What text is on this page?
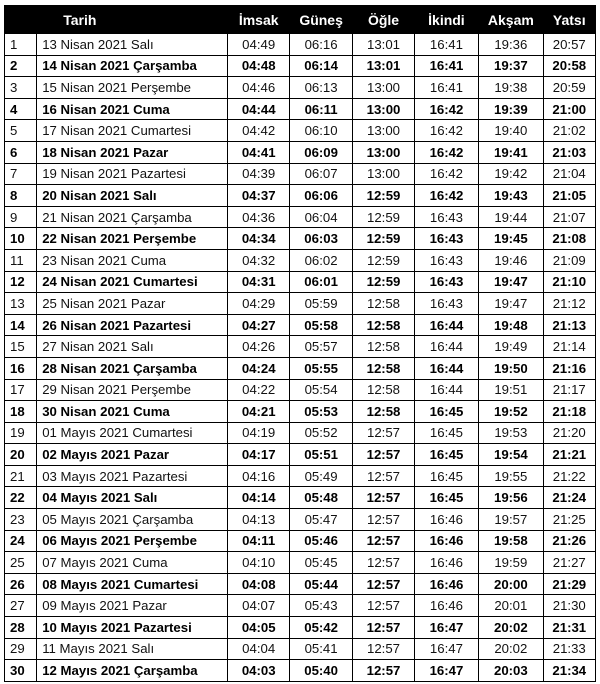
	Tarih	İmsak	Güneş	Öğle	İkindi	Akşam	Yatsı
1	13 Nisan 2021 Salı	04:49	06:16	13:01	16:41	19:36	20:57
2	14 Nisan 2021 Çarşamba	04:48	06:14	13:01	16:41	19:37	20:58
3	15 Nisan 2021 Perşembe	04:46	06:13	13:00	16:41	19:38	20:59
4	16 Nisan 2021 Cuma	04:44	06:11	13:00	16:42	19:39	21:00
5	17 Nisan 2021 Cumartesi	04:42	06:10	13:00	16:42	19:40	21:02
6	18 Nisan 2021 Pazar	04:41	06:09	13:00	16:42	19:41	21:03
7	19 Nisan 2021 Pazartesi	04:39	06:07	13:00	16:42	19:42	21:04
8	20 Nisan 2021 Salı	04:37	06:06	12:59	16:42	19:43	21:05
9	21 Nisan 2021 Çarşamba	04:36	06:04	12:59	16:43	19:44	21:07
10	22 Nisan 2021 Perşembe	04:34	06:03	12:59	16:43	19:45	21:08
11	23 Nisan 2021 Cuma	04:32	06:02	12:59	16:43	19:46	21:09
12	24 Nisan 2021 Cumartesi	04:31	06:01	12:59	16:43	19:47	21:10
13	25 Nisan 2021 Pazar	04:29	05:59	12:58	16:43	19:47	21:12
14	26 Nisan 2021 Pazartesi	04:27	05:58	12:58	16:44	19:48	21:13
15	27 Nisan 2021 Salı	04:26	05:57	12:58	16:44	19:49	21:14
16	28 Nisan 2021 Çarşamba	04:24	05:55	12:58	16:44	19:50	21:16
17	29 Nisan 2021 Perşembe	04:22	05:54	12:58	16:44	19:51	21:17
18	30 Nisan 2021 Cuma	04:21	05:53	12:58	16:45	19:52	21:18
19	01 Mayıs 2021 Cumartesi	04:19	05:52	12:57	16:45	19:53	21:20
20	02 Mayıs 2021 Pazar	04:17	05:51	12:57	16:45	19:54	21:21
21	03 Mayıs 2021 Pazartesi	04:16	05:49	12:57	16:45	19:55	21:22
22	04 Mayıs 2021 Salı	04:14	05:48	12:57	16:45	19:56	21:24
23	05 Mayıs 2021 Çarşamba	04:13	05:47	12:57	16:46	19:57	21:25
24	06 Mayıs 2021 Perşembe	04:11	05:46	12:57	16:46	19:58	21:26
25	07 Mayıs 2021 Cuma	04:10	05:45	12:57	16:46	19:59	21:27
26	08 Mayıs 2021 Cumartesi	04:08	05:44	12:57	16:46	20:00	21:29
27	09 Mayıs 2021 Pazar	04:07	05:43	12:57	16:46	20:01	21:30
28	10 Mayıs 2021 Pazartesi	04:05	05:42	12:57	16:47	20:02	21:31
29	11 Mayıs 2021 Salı	04:04	05:41	12:57	16:47	20:02	21:33
30	12 Mayıs 2021 Çarşamba	04:03	05:40	12:57	16:47	20:03	21:34
